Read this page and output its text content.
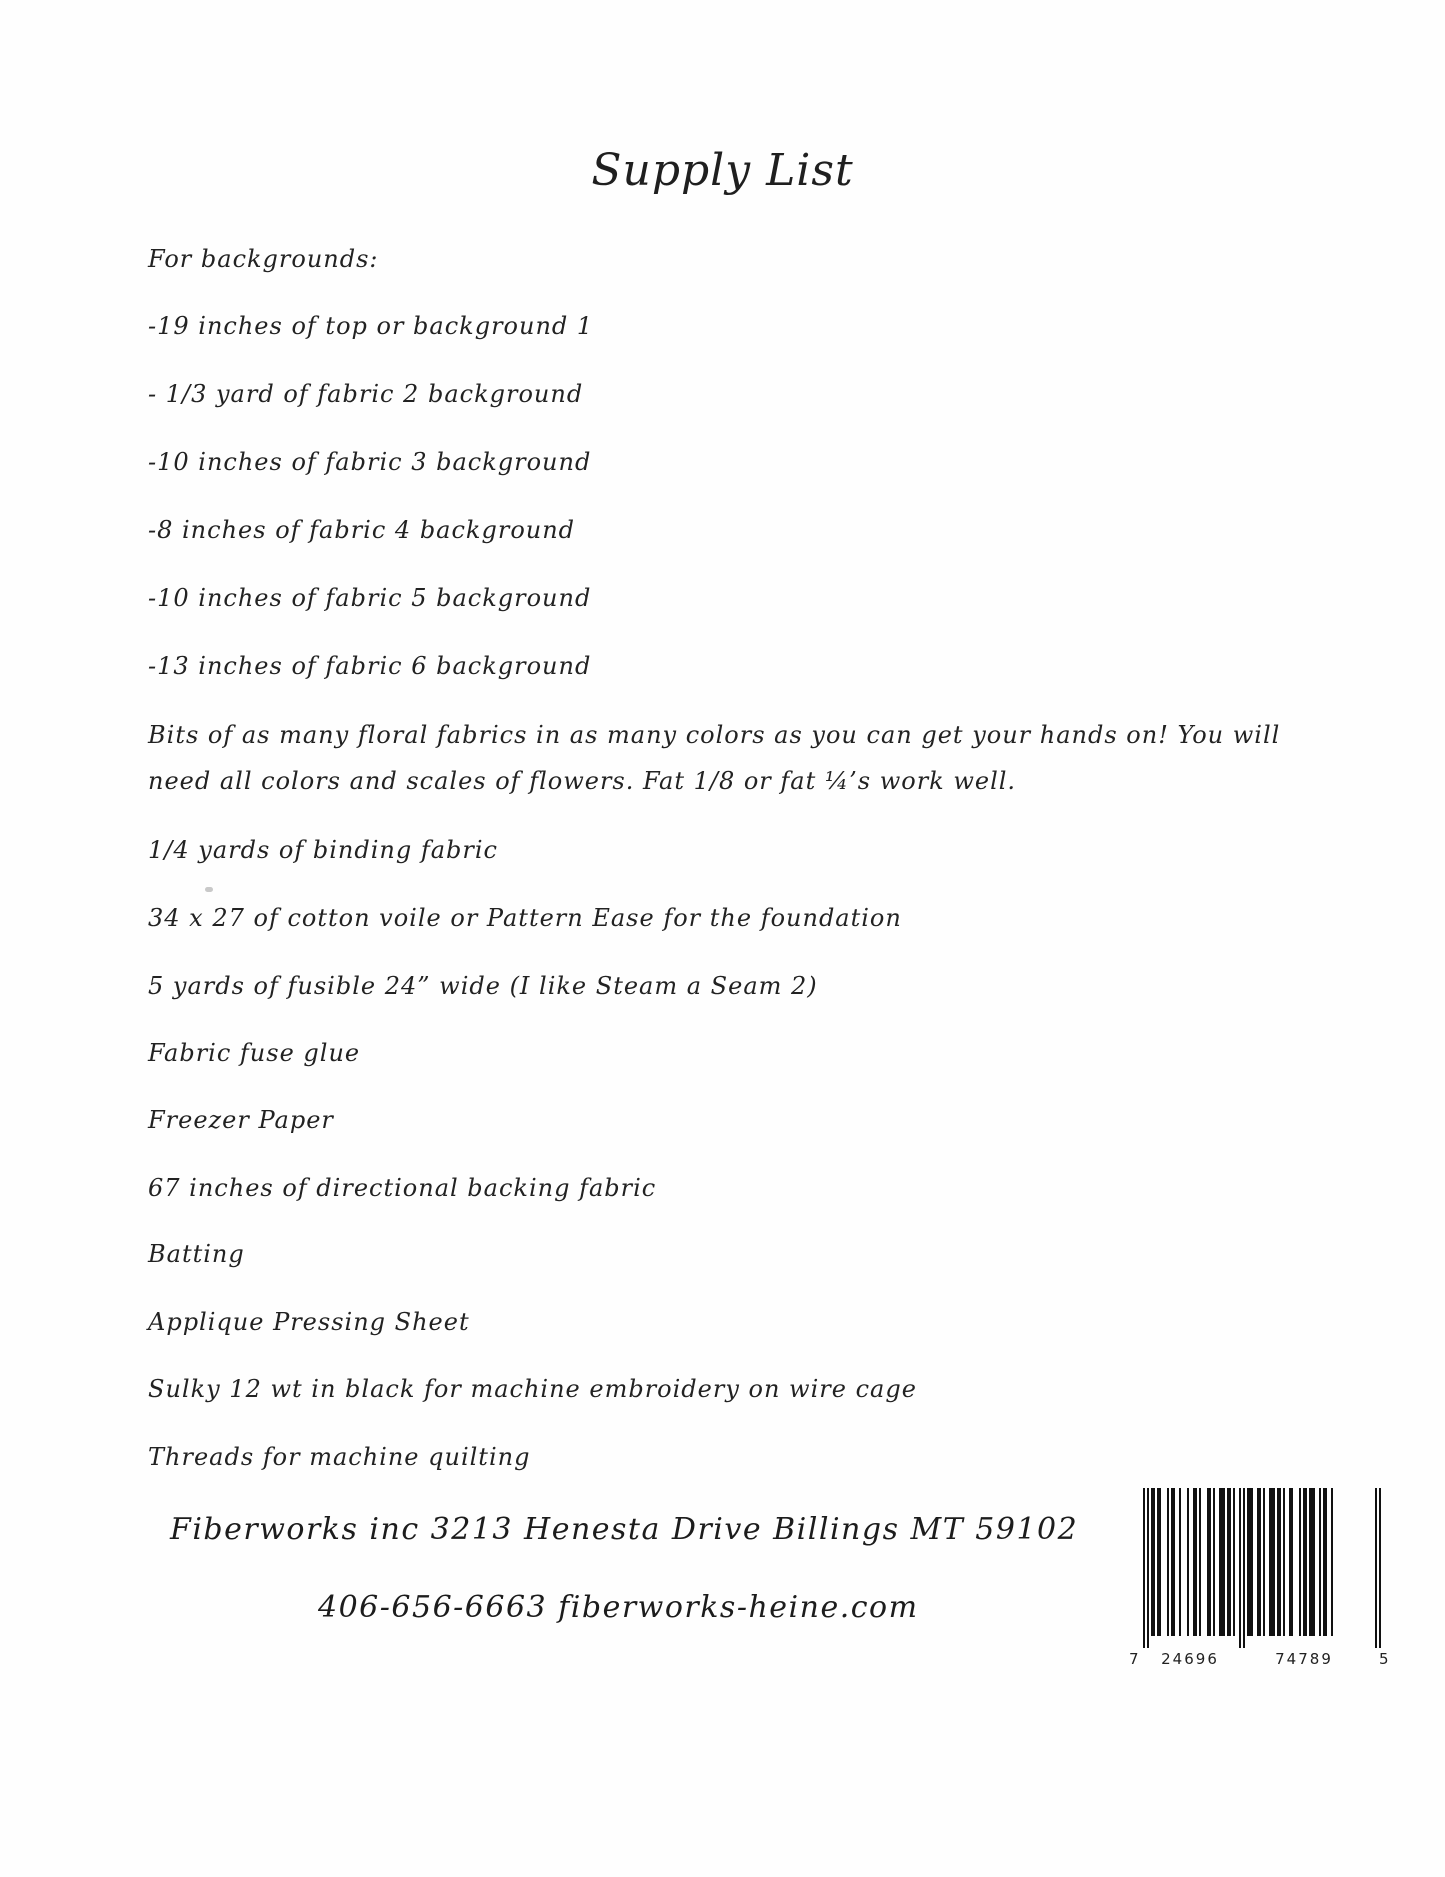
Supply List
For backgrounds:
-19 inches of top or background 1
- 1/3 yard of fabric 2 background
-10 inches of fabric 3 background
-8 inches of fabric 4 background
-10 inches of fabric 5 background
-13 inches of fabric 6 background
Bits of as many floral fabrics in as many colors as you can get your hands on! You will need all colors and scales of flowers. Fat 1/8 or fat ¼’s work well.
1/4 yards of binding fabric
34 x 27 of cotton voile or Pattern Ease for the foundation
5 yards of fusible 24” wide (I like Steam a Seam 2)
Fabric fuse glue
Freezer Paper
67 inches of directional backing fabric
Batting
Applique Pressing Sheet
Sulky 12 wt in black for machine embroidery on wire cage
Threads for machine quilting
Fiberworks inc 3213 Henesta Drive Billings MT 59102
406-656-6663 fiberworks-heine.com
7 24696	74789	5
